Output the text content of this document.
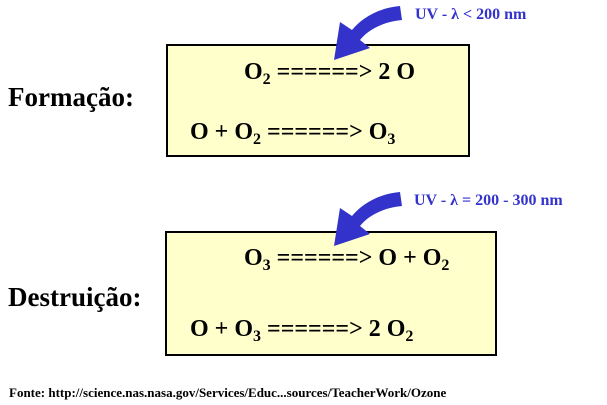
Formação:
$O_2$ ======> 2 O
$O + O_2$ ======> $O_3$
UV - λ < 200 nm
Destruição:
$O_3$ ======> $O + O_2$
$O + O_3$ ======> 2 $O_2$
UV - λ = 200 - 300 nm
Fonte: http://science.nas.nasa.gov/Services/Educ...sources/TeacherWork/Ozone
